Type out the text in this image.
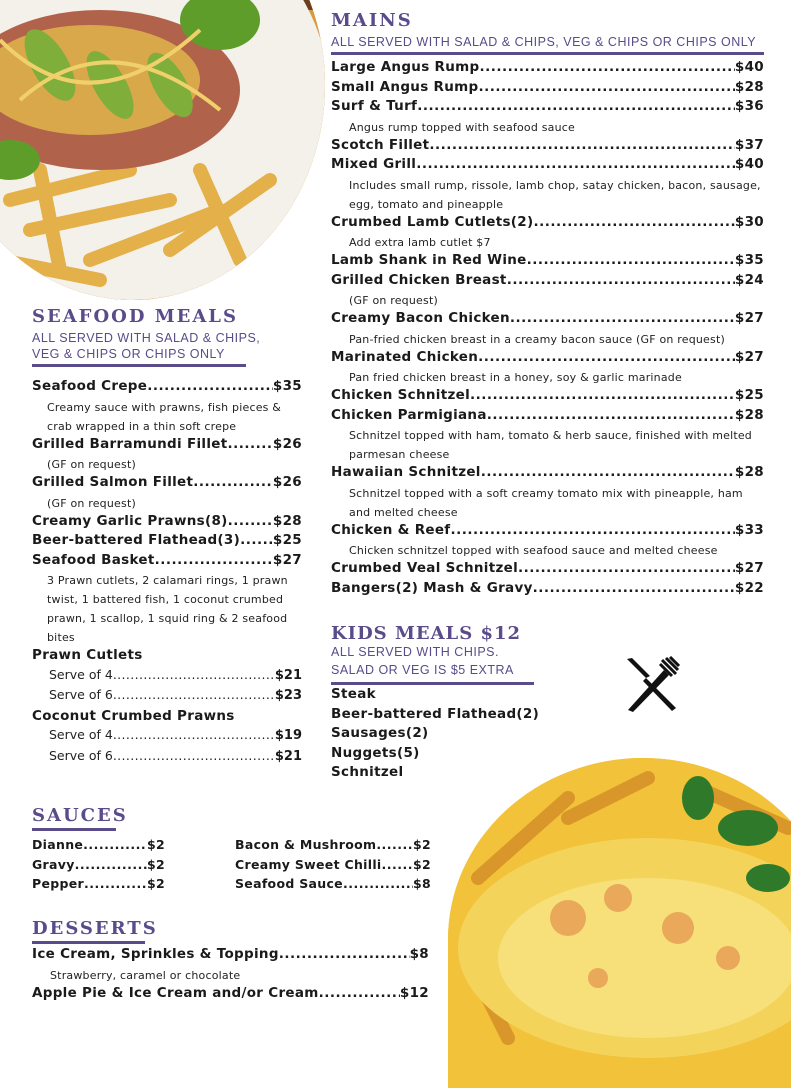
MAINS
ALL SERVED WITH SALAD & CHIPS, VEG & CHIPS OR CHIPS ONLY
Large Angus Rump .....	$40
Small Angus Rump .....	$28
Surf & Turf .....	$36
Angus rump topped with seafood sauce
Scotch Fillet .....	$37
Mixed Grill .....	$40
Includes small rump, rissole, lamb chop, satay chicken, bacon, sausage, egg, tomato and pineapple
Crumbed Lamb Cutlets(2) .....	$30
Add extra lamb cutlet $7
Lamb Shank in Red Wine .....	$35
Grilled Chicken Breast .....	$24
(GF on request)
Creamy Bacon Chicken .....	$27
Pan-fried chicken breast in a creamy bacon sauce (GF on request)
Marinated Chicken .....	$27
Pan fried chicken breast in a honey, soy & garlic marinade
Chicken Schnitzel .....	$25
Chicken Parmigiana .....	$28
Schnitzel topped with ham, tomato & herb sauce, finished with melted parmesan cheese
Hawaiian Schnitzel .....	$28
Schnitzel topped with a soft creamy tomato mix with pineapple, ham and melted cheese
Chicken & Reef .....	$33
Chicken schnitzel topped with seafood sauce and melted cheese
Crumbed Veal Schnitzel .....	$27
Bangers(2) Mash & Gravy .....	$22
SEAFOOD MEALS
ALL SERVED WITH SALAD & CHIPS,
VEG & CHIPS OR CHIPS ONLY
Seafood Crepe .....	$35
Creamy sauce with prawns, fish pieces & crab wrapped in a thin soft crepe
Grilled Barramundi Fillet .....	$26
(GF on request)
Grilled Salmon Fillet .....	$26
(GF on request)
Creamy Garlic Prawns(8) .....	$28
Beer-battered Flathead(3) ..... $25
Seafood Basket .....	$27
3 Prawn cutlets, 2 calamari rings, 1 prawn twist, 1 battered fish, 1 coconut crumbed prawn, 1 scallop, 1 squid ring & 2 seafood bites
Prawn Cutlets
Serve of 4 .....	$21
Serve of 6 .....	$23
Coconut Crumbed Prawns
Serve of 4 .....	$19
Serve of 6 .....	$21
KIDS MEALS $12
ALL SERVED WITH CHIPS.
SALAD OR VEG IS $5 EXTRA
Steak
Beer-battered Flathead(2)
Sausages(2)
Nuggets(5)
Schnitzel
SAUCES
Dianne .....	$2
Gravy .....	$2
Pepper .....	$2
Bacon & Mushroom .....	$2
Creamy Sweet Chilli .....	$2
Seafood Sauce .....	$8
DESSERTS
Ice Cream, Sprinkles & Topping .....	$8
Strawberry, caramel or chocolate
Apple Pie & Ice Cream and/or Cream .....	$12
